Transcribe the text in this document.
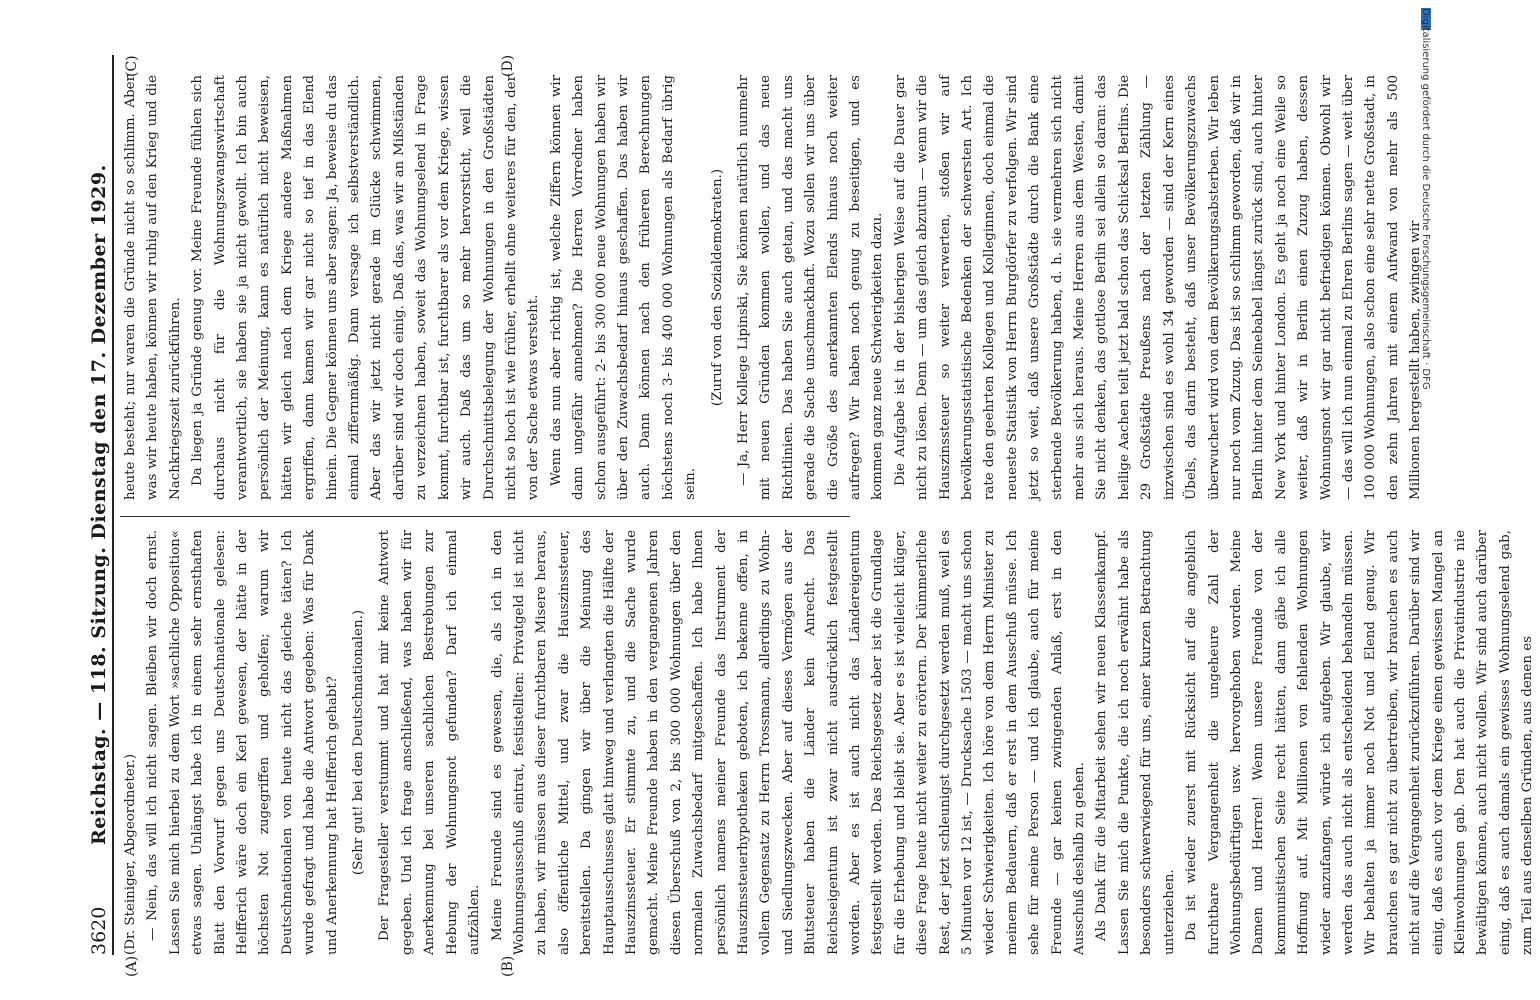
3620
Reichstag. — 118. Sitzung. Dienstag den 17. Dezember 1929.
(A)	(B)

(Dr. Steiniger, Abgeordneter.) — Nein, das will ich nicht sagen. Bleiben wir doch ernst. Lassen Sie mich hierbei zu dem Wort »sachliche Opposition« etwas sagen. Unlängst habe ich in einem sehr ernsthaften Blatt den Vorwurf gegen uns Deutschnationale gelesen: Helfferich wäre doch ein Kerl gewesen, der hätte in der höchsten Not zugegriffen und geholfen; warum wir Deutschnationalen von heute nicht das gleiche täten? Ich wurde gefragt und habe die Antwort gegeben: Was für Dank und Anerkennung hat Helfferich gehabt? (Sehr gut! bei den Deutschnationalen.) Der Fragesteller verstummt und hat mir keine Antwort gegeben. Und ich frage anschließend, was haben wir für Anerkennung bei unseren sachlichen Bestrebungen zur Hebung der Wohnungsnot gefunden? Darf ich einmal aufzählen. Meine Freunde sind es gewesen, die, als ich in den Wohnungsausschuß eintrat, festistellten: Privatgeld ist nicht zu haben, wir müssen aus dieser furchtbaren Misere heraus, also öffentliche Mittel, und zwar die Hauszinssteuer, bereitstellen. Da gingen wir über die Meinung des Hauptausschusses glatt hinweg und verlangten die Hälfte der Hauszinssteuer. Er stimmte zu, und die Sache wurde gemacht. Meine Freunde haben in den vergangenen Jahren diesen Überschuß von 2, bis 300 000 Wohnungen über den normalen Zuwachsbedarf mitgeschaffen. Ich habe Ihnen persönlich namens meiner Freunde das Instrument der Hauszinssteuerhypotheken geboten, ich bekenne offen, in vollem Gegensatz zu Herrn Trossmann, allerdings zu Wohn- und Siedlungszwecken. Aber auf dieses Vermögen aus der Blutsteuer haben die Länder kein Anrecht. Das Reichseigentum ist zwar nicht ausdrücklich festgestellt worden. Aber es ist auch nicht das Ländereigentum festgestellt worden. Das Reichsgesetz aber ist die Grundlage für die Erhebung und bleibt sie. Aber es ist vielleicht klüger, diese Frage heute nicht weiter zu erörtern. Der kümmerliche Rest, der jetzt schleunigst durchgesetzt werden muß, weil es 5 Minuten vor 12 ist, — Drucksache 1503 — macht uns schon wieder Schwierigkeiten. Ich höre von dem Herrn Minister zu meinem Bedauern, daß er erst in dem Ausschuß müsse. Ich sehe für meine Person — und ich glaube, auch für meine Freunde — gar keinen zwingenden Anlaß, erst in den Ausschuß deshalb zu gehen. Als Dank für die Mitarbeit sehen wir neuen Klassenkampf. Lassen Sie mich die Punkte, die ich noch erwähnt habe als besonders schwerwiegend für uns, einer kurzen Betrachtung unterziehen. Da ist wieder zuerst mit Rücksicht auf die angeblich furchtbare Vergangenheit die ungeheure Zahl der Wohnungsbedürftigen usw. hervorgehoben worden. Meine Damen und Herren! Wenn unsere Freunde von der kommunistischen Seite recht hätten, dann gäbe ich alle Hoffnung auf. Mit Millionen von fehlenden Wohnungen wieder anzufangen, würde ich aufgeben. Wir glaube, wir werden das auch nicht als entscheidend behandeln müssen. Wir behalten ja immer noch Not und Elend genug. Wir brauchen es gar nicht zu übertreiben, wir brauchen es auch nicht auf die Vergangenheit zurückzuführen. Darüber sind wir einig, daß es auch vor dem Kriege einen gewissen Mangel an Kleinwohnungen gab. Den hat auch die Privatindustrie nie bewältigen können, auch nicht wollen. Wir sind auch darüber einig, daß es auch damals ein gewisses Wohnungselend gab, zum Teil aus denselben Gründen, aus denen es

heute besteht; nur waren die Gründe nicht so schlimm. Aber was wir heute haben, können wir ruhig auf den Krieg und die Nachkriegszeit zurückführen. Da liegen ja Gründe genug vor. Meine Freunde fühlen sich durchaus nicht für die Wohnungszwangswirtschaft verantwortlich, sie haben sie ja nicht gewollt. Ich bin auch persönlich der Meinung, kann es natürlich nicht beweisen, hätten wir gleich nach dem Kriege andere Maßnahmen ergriffen, dann kamen wir gar nicht so tief in das Elend hinein. Die Gegner können uns aber sagen: Ja, beweise du das einmal ziffernmäßig. Dann versage ich selbstverständlich. Aber das wir jetzt nicht gerade im Glücke schwimmen, darüber sind wir doch einig. Daß das, was wir an Mißständen zu verzeichnen haben, soweit das Wohnungselend in Frage kommt, furchtbar ist, furchtbarer als vor dem Kriege, wissen wir auch. Daß das um so mehr hervorsticht, weil die Durchschnittsbelegung der Wohnungen in den Großstädten nicht so hoch ist wie früher, erhellt ohne weiteres für den, der von der Sache etwas versteht. Wenn das nun aber richtig ist, welche Ziffern können wir dann ungefähr annehmen? Die Herren Vorredner haben schon ausgeführt: 2- bis 300 000 neue Wohnungen haben wir über den Zuwachsbedarf hinaus geschaffen. Das haben wir auch. Dann können nach den früheren Berechnungen höchstens noch 3- bis 400 000 Wohnungen als Bedarf übrig sein.

(Zuruf von den Sozialdemokraten.) — Ja, Herr Kollege Lipinski, Sie können natürlich nunmehr mit neuen Gründen kommen wollen, und das neue Richtlinien. Das haben Sie auch getan, und das macht uns gerade die Sache unschmackhaft. Wozu sollen wir uns über die Größe des anerkannten Elends hinaus noch weiter aufregen? Wir haben noch genug zu beseitigen, und es kommen ganz neue Schwierigkeiten dazu. Die Aufgabe ist in der bisherigen Weise auf die Dauer gar nicht zu lösen. Denn — um das gleich abzutun — wenn wir die Hauszinssteuer so weiter verwerten, stoßen wir auf bevölkerungsstatistische Bedenken der schwersten Art. Ich rate den geehrten Kollegen und Kolleginnen, doch einmal die neueste Statistik von Herrn Burgdörfer zu verfolgen. Wir sind jetzt so weit, daß unsere Großstädte durch die Bank eine sterbende Bevölkerung haben, d. h. sie vermehren sich nicht mehr aus sich heraus. Meine Herren aus dem Westen, damit Sie nicht denken, das gottlose Berlin sei allein so daran: das heilige Aachen teilt jetzt bald schon das Schicksal Berlins. Die 29 Großstädte Preußens nach der letzten Zählung — inzwischen sind es wohl 34 geworden — sind der Kern eines Übels, das darin besteht, daß unser Bevölkerungszuwachs überwuchert wird von dem Bevölkerungsabsterben. Wir leben nur noch vom Zuzug. Das ist so schlimm geworden, daß wir in Berlin hinter dem Seinebabel längst zurück sind, auch hinter New York und hinter London. Es geht ja noch eine Weile so weiter, daß wir in Berlin einen Zuzug haben, dessen Wohnungsnot wir gar nicht befriedigen können. Obwohl wir — das will ich nun einmal zu Ehren Berlins sagen — weit über 100 000 Wohnungen, also schon eine sehr nette Großstadt, in den zehn Jahren mit einem Aufwand von mehr als 500 Millionen hergestellt haben, zwingen wir

(C)	(D)	Digitalisierung gefördert durch die Deutsche Forschungsgemeinschaft · DFG
